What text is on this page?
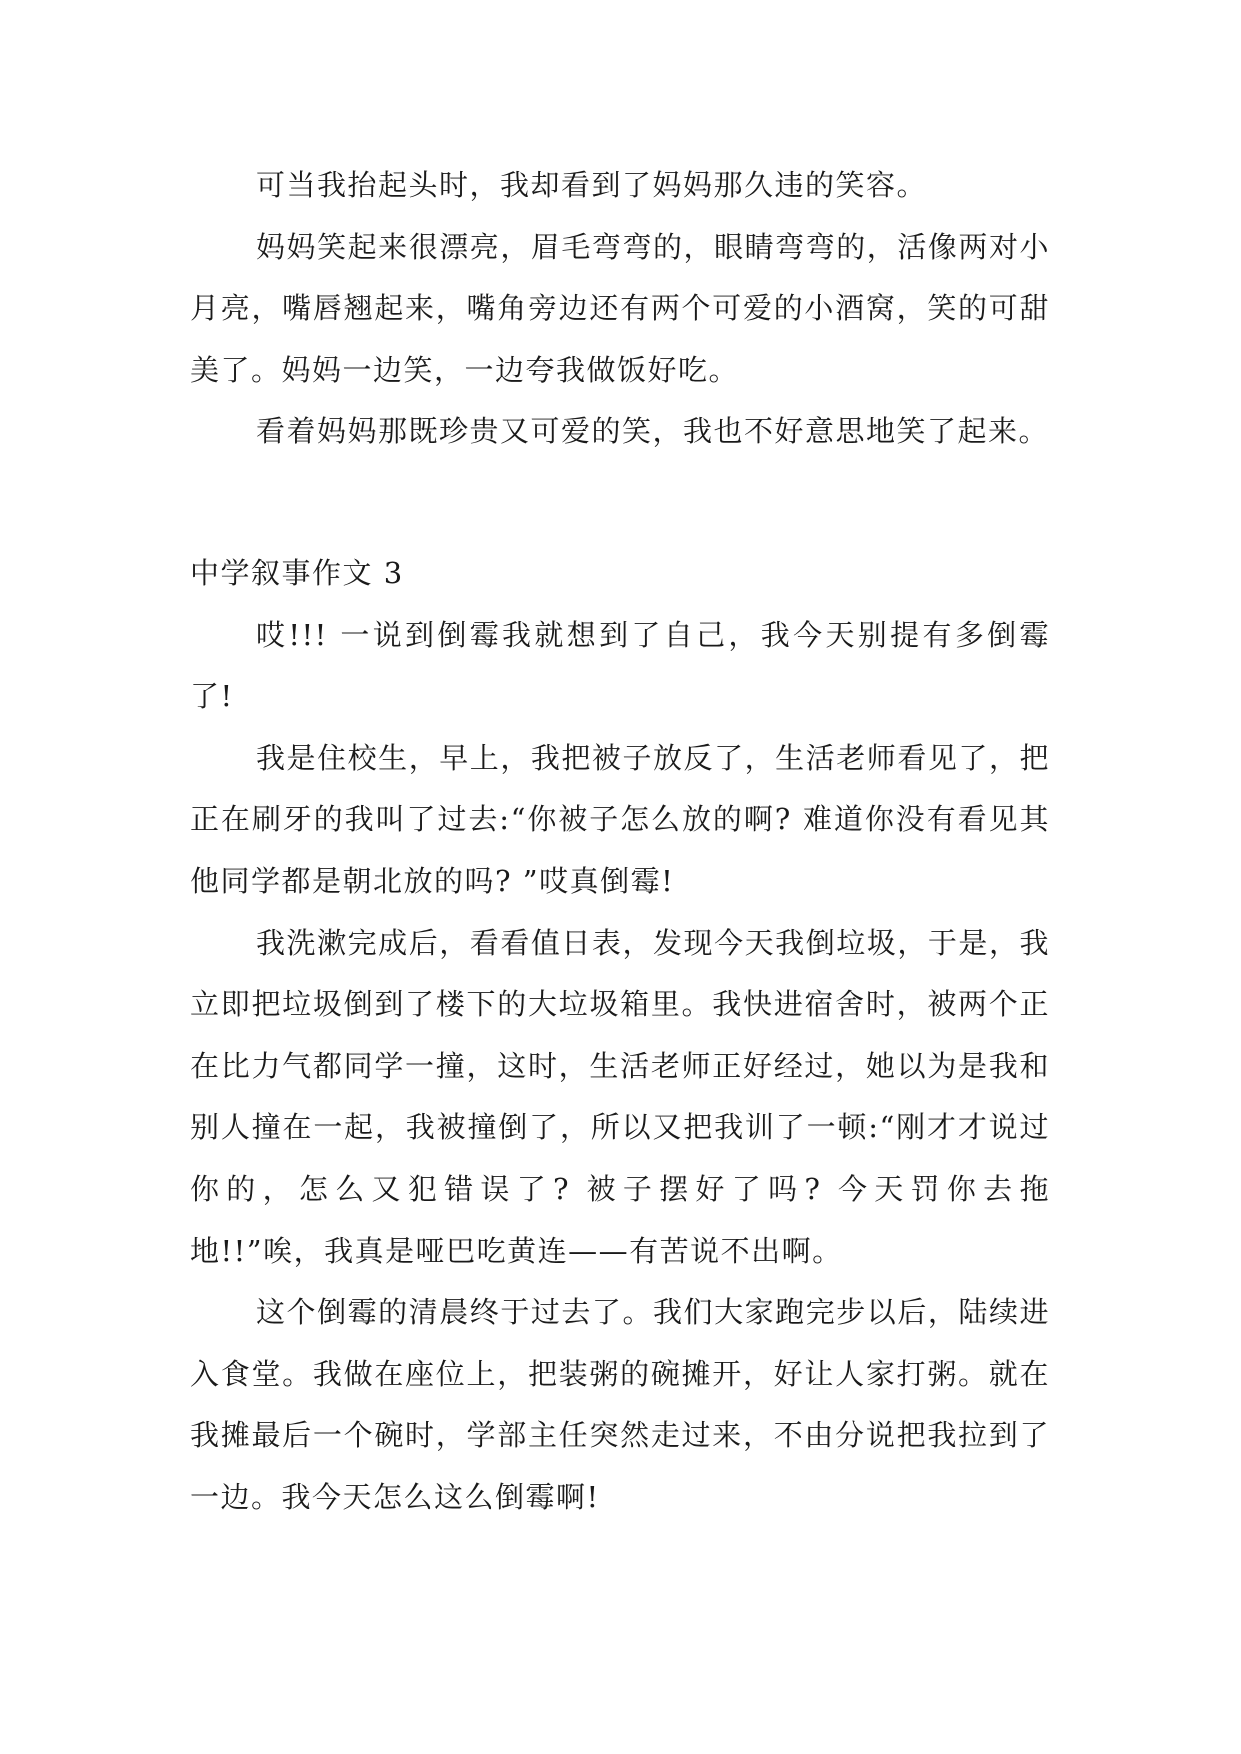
可当我抬起头时，我却看到了妈妈那久违的笑容。

妈妈笑起来很漂亮，眉毛弯弯的，眼睛弯弯的，活像两对小月亮，嘴唇翘起来，嘴角旁边还有两个可爱的小酒窝，笑的可甜美了。妈妈一边笑，一边夸我做饭好吃。

看着妈妈那既珍贵又可爱的笑，我也不好意思地笑了起来。

中学叙事作文 3

哎!!! 一说到倒霉我就想到了自己，我今天别提有多倒霉了!

我是住校生，早上，我把被子放反了，生活老师看见了，把正在刷牙的我叫了过去:“你被子怎么放的啊? 难道你没有看见其他同学都是朝北放的吗? ”哎真倒霉!

我洗漱完成后，看看值日表，发现今天我倒垃圾，于是，我立即把垃圾倒到了楼下的大垃圾箱里。我快进宿舍时，被两个正在比力气都同学一撞，这时，生活老师正好经过，她以为是我和别人撞在一起，我被撞倒了，所以又把我训了一顿:“刚才才说过你的，怎么又犯错误了? 被子摆好了吗? 今天罚你去拖地!!”唉，我真是哑巴吃黄连——有苦说不出啊。

这个倒霉的清晨终于过去了。我们大家跑完步以后，陆续进入食堂。我做在座位上，把装粥的碗摊开，好让人家打粥。就在我摊最后一个碗时，学部主任突然走过来，不由分说把我拉到了一边。我今天怎么这么倒霉啊!
